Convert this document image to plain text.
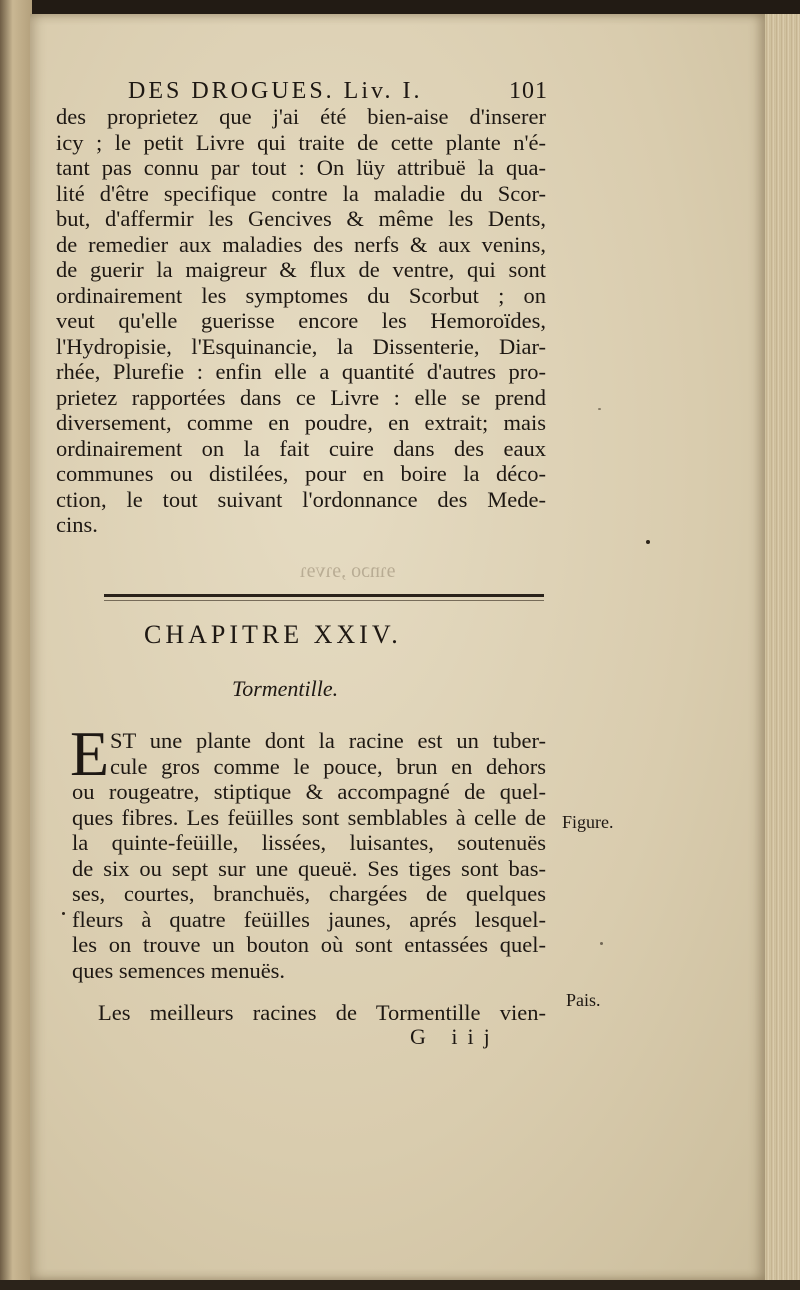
DES DROGUES. Liv. I.	101
des proprietez que j'ai été bien-aise d'inserer
icy ; le petit Livre qui traite de cette plante n'é-
tant pas connu par tout : On lüy attribuë la qua-
lité d'être specifique contre la maladie du Scor-
but, d'affermir les Gencives & même les Dents,
de remedier aux maladies des nerfs & aux venins,
de guerir la maigreur & flux de ventre, qui sont
ordinairement les symptomes du Scorbut ; on
veut qu'elle guerisse encore les Hemoroïdes,
l'Hydropisie, l'Esquinancie, la Dissenterie, Diar-
rhée, Plurefie : enfin elle a quantité d'autres pro-
prietez rapportées dans ce Livre : elle se prend
diversement, comme en poudre, en extrait; mais
ordinairement on la fait cuire dans des eaux
communes ou distilées, pour en boire la déco-
ction, le tout suivant l'ordonnance des Mede-
cins.
ɘɿnɔo ,ɘɿvɘɿ
CHAPITRE XXIV.
Tormentille.
E ST une plante dont la racine est un tuber-
cule gros comme le pouce, brun en dehors
ou rougeatre, stiptique & accompagné de quel-
ques fibres. Les feüilles sont semblables à celle de
la quinte-feüille, lissées, luisantes, soutenuës
de six ou sept sur une queuë. Ses tiges sont bas-
ses, courtes, branchuës, chargées de quelques
fleurs à quatre feüilles jaunes, aprés lesquel-
les on trouve un bouton où sont entassées quel-
ques semences menuës.
Les meilleurs racines de Tormentille vien-
G iij
Figure.
Pais.
